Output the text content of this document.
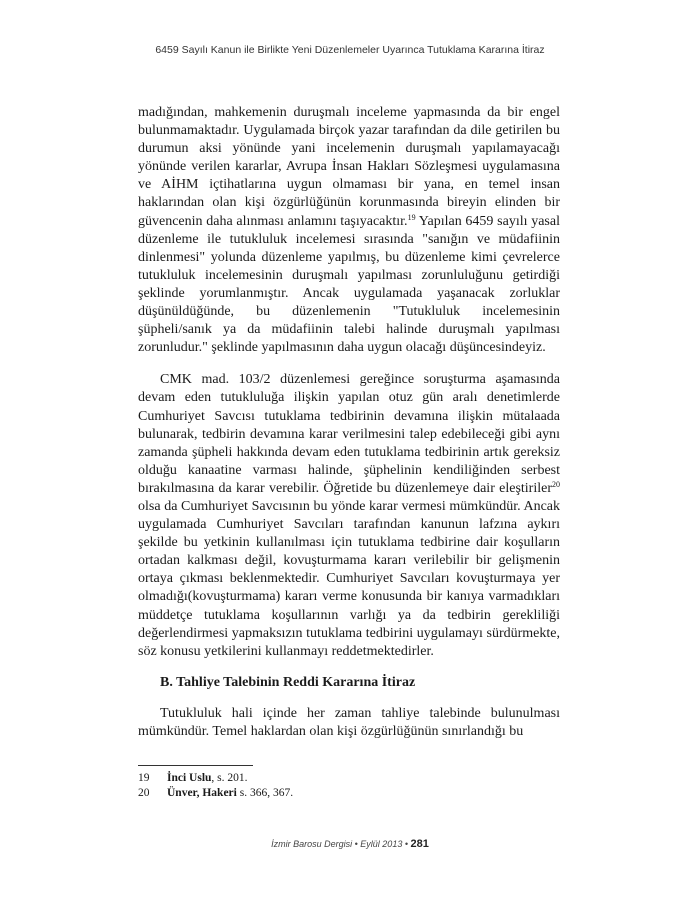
6459 Sayılı Kanun ile Birlikte Yeni Düzenlemeler Uyarınca Tutuklama Kararına İtiraz

madığından, mahkemenin duruşmalı inceleme yapmasında da bir engel bulunmamaktadır. Uygulamada birçok yazar tarafından da dile getirilen bu durumun aksi yönünde yani incelemenin duruşmalı yapılamayacağı yönünde verilen kararlar, Avrupa İnsan Hakları Sözleşmesi uygulamasına ve AİHM içtihatlarına uygun olmaması bir yana, en temel insan haklarından olan kişi özgürlüğünün korunmasında bireyin elinden bir güvencenin daha alınması anlamını taşıyacaktır.$^{19}$ Yapılan 6459 sayılı yasal düzenleme ile tutukluluk incelemesi sırasında "sanığın ve müdafiinin dinlenmesi" yolunda düzenleme yapılmış, bu düzenleme kimi çevrelerce tutukluluk incelemesinin duruşmalı yapılması zorunluluğunu getirdiği şeklinde yorumlanmıştır. Ancak uygulamada yaşanacak zorluklar düşünüldüğünde, bu düzenlemenin "Tutukluluk incelemesinin şüpheli/sanık ya da müdafiinin talebi halinde duruşmalı yapılması zorunludur." şeklinde yapılmasının daha uygun olacağı düşüncesindeyiz.

CMK mad. 103/2 düzenlemesi gereğince soruşturma aşamasında devam eden tutukluluğa ilişkin yapılan otuz gün aralı denetimlerde Cumhuriyet Savcısı tutuklama tedbirinin devamına ilişkin mütalaada bulunarak, tedbirin devamına karar verilmesini talep edebileceği gibi aynı zamanda şüpheli hakkında devam eden tutuklama tedbirinin artık gereksiz olduğu kanaatine varması halinde, şüphelinin kendiliğinden serbest bırakılmasına da karar verebilir. Öğretide bu düzenlemeye dair eleştiriler$^{20}$ olsa da Cumhuriyet Savcısının bu yönde karar vermesi mümkündür. Ancak uygulamada Cumhuriyet Savcıları tarafından kanunun lafzına aykırı şekilde bu yetkinin kullanılması için tutuklama tedbirine dair koşulların ortadan kalkması değil, kovuşturmama kararı verilebilir bir gelişmenin ortaya çıkması beklenmektedir. Cumhuriyet Savcıları kovuşturmaya yer olmadığı(kovuşturmama) kararı verme konusunda bir kanıya varmadıkları müddetçe tutuklama koşullarının varlığı ya da tedbirin gerekliliği değerlendirmesi yapmaksızın tutuklama tedbirini uygulamayı sürdürmekte, söz konusu yetkilerini kullanmayı reddetmektedirler.

B. Tahliye Talebinin Reddi Kararına İtiraz

Tutukluluk hali içinde her zaman tahliye talebinde bulunulması mümkündür. Temel haklardan olan kişi özgürlüğünün sınırlandığı bu

19	İnci Uslu, s. 201.
20	Ünver, Hakeri s. 366, 367.
İzmir Barosu Dergisi • Eylül 2013 • 281
